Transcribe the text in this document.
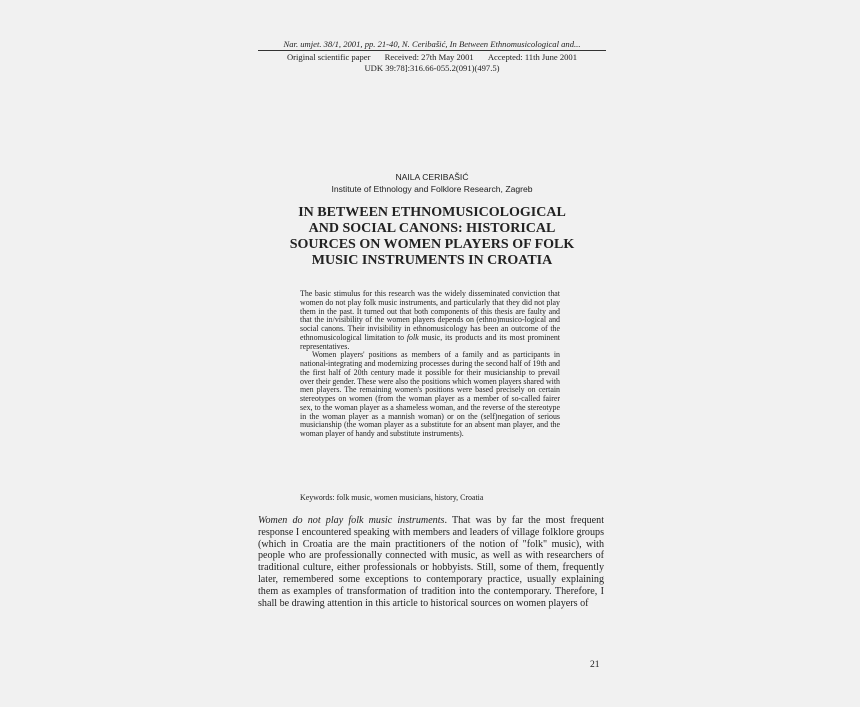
Nar. umjet. 38/1, 2001, pp. 21-40, N. Ceribašić, In Between Ethnomusicological and...
Original scientific paper Received: 27th May 2001 Accepted: 11th June 2001
UDK 39:78]:316.66-055.2(091)(497.5)
NAILA CERIBAŠIĆ
Institute of Ethnology and Folklore Research, Zagreb
IN BETWEEN ETHNOMUSICOLOGICAL
AND SOCIAL CANONS: HISTORICAL
SOURCES ON WOMEN PLAYERS OF FOLK
MUSIC INSTRUMENTS IN CROATIA

The basic stimulus for this research was the widely disseminated conviction that women do not play folk music instruments, and particularly that they did not play them in the past. It turned out that both components of this thesis are faulty and that the in/visibility of the women players depends on (ethno)musico-logical and social canons. Their invisibility in ethnomusicology has been an outcome of the ethnomusicological limitation to folk music, its products and its most prominent representatives.

Women players' positions as members of a family and as participants in national-integrating and modernizing processes during the second half of 19th and the first half of 20th century made it possible for their musicianship to prevail over their gender. These were also the positions which women players shared with men players. The remaining women's positions were based precisely on certain stereotypes on women (from the woman player as a member of so-called fairer sex, to the woman player as a shameless woman, and the reverse of the stereotype in the woman player as a mannish woman) or on the (self)negation of serious musicianship (the woman player as a substitute for an absent man player, and the woman player of handy and substitute instruments).

Keywords: folk music, women musicians, history, Croatia

Women do not play folk music instruments. That was by far the most frequent response I encountered speaking with members and leaders of village folklore groups (which in Croatia are the main practitioners of the notion of "folk" music), with people who are professionally connected with music, as well as with researchers of traditional culture, either professionals or hobbyists. Still, some of them, frequently later, remembered some exceptions to contemporary practice, usually explaining them as examples of transformation of tradition into the contemporary. Therefore, I shall be drawing attention in this article to historical sources on women players of

21
